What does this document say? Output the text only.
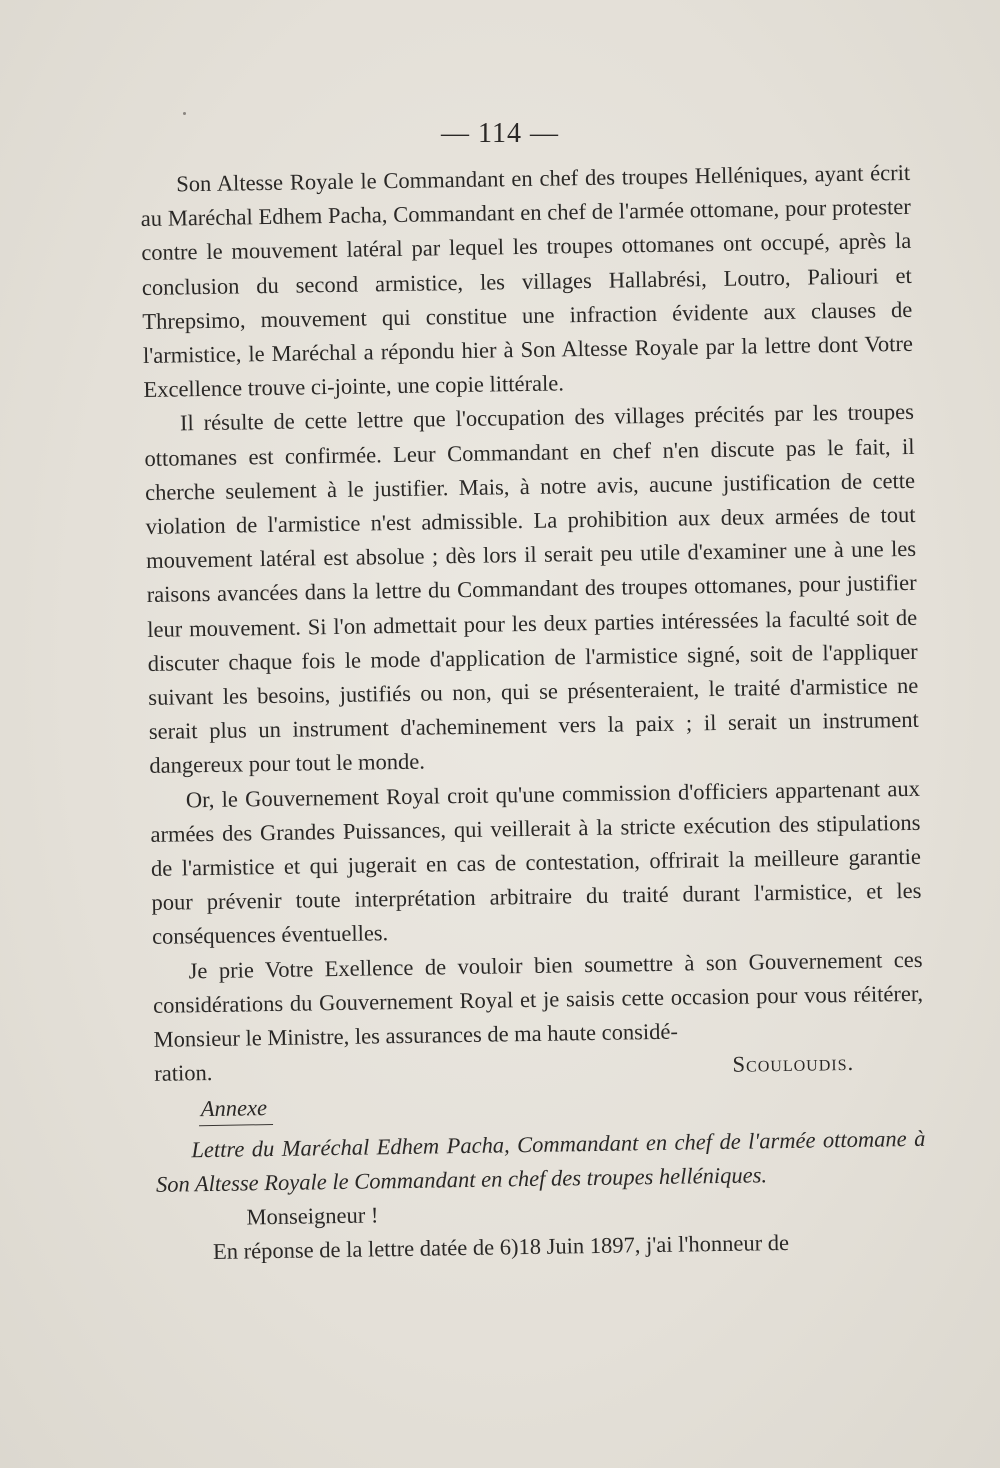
— 114 —

Son Altesse Royale le Commandant en chef des troupes Helléniques, ayant écrit au Maréchal Edhem Pacha, Commandant en chef de l'armée ottomane, pour protester contre le mouvement latéral par lequel les troupes ottomanes ont occupé, après la conclusion du second armistice, les villages Hallabrési, Loutro, Paliouri et Threpsimo, mouvement qui constitue une infraction évidente aux clauses de l'armistice, le Maréchal a répondu hier à Son Altesse Royale par la lettre dont Votre Excellence trouve ci-jointe, une copie littérale.

Il résulte de cette lettre que l'occupation des villages précités par les troupes ottomanes est confirmée. Leur Commandant en chef n'en discute pas le fait, il cherche seulement à le justifier. Mais, à notre avis, aucune justification de cette violation de l'armistice n'est admissible. La prohibition aux deux armées de tout mouvement latéral est absolue ; dès lors il serait peu utile d'examiner une à une les raisons avancées dans la lettre du Commandant des troupes ottomanes, pour justifier leur mouvement. Si l'on admettait pour les deux parties intéressées la faculté soit de discuter chaque fois le mode d'application de l'armistice signé, soit de l'appliquer suivant les besoins, justifiés ou non, qui se présenteraient, le traité d'armistice ne serait plus un instrument d'acheminement vers la paix ; il serait un instrument dangereux pour tout le monde.

Or, le Gouvernement Royal croit qu'une commission d'officiers appartenant aux armées des Grandes Puissances, qui veillerait à la stricte exécution des stipulations de l'armistice et qui jugerait en cas de contestation, offrirait la meilleure garantie pour prévenir toute interprétation arbitraire du traité durant l'armistice, et les conséquences éventuelles.

Je prie Votre Exellence de vouloir bien soumettre à son Gouvernement ces considérations du Gouvernement Royal et je saisis cette occasion pour vous réitérer, Monsieur le Ministre, les assurances de ma haute considé-

ration.	Scouloudis.
Annexe

Lettre du Maréchal Edhem Pacha, Commandant en chef de l'armée ottomane à Son Altesse Royale le Commandant en chef des troupes helléniques.

Monseigneur !

En réponse de la lettre datée de 6)18 Juin 1897, j'ai l'honneur de
